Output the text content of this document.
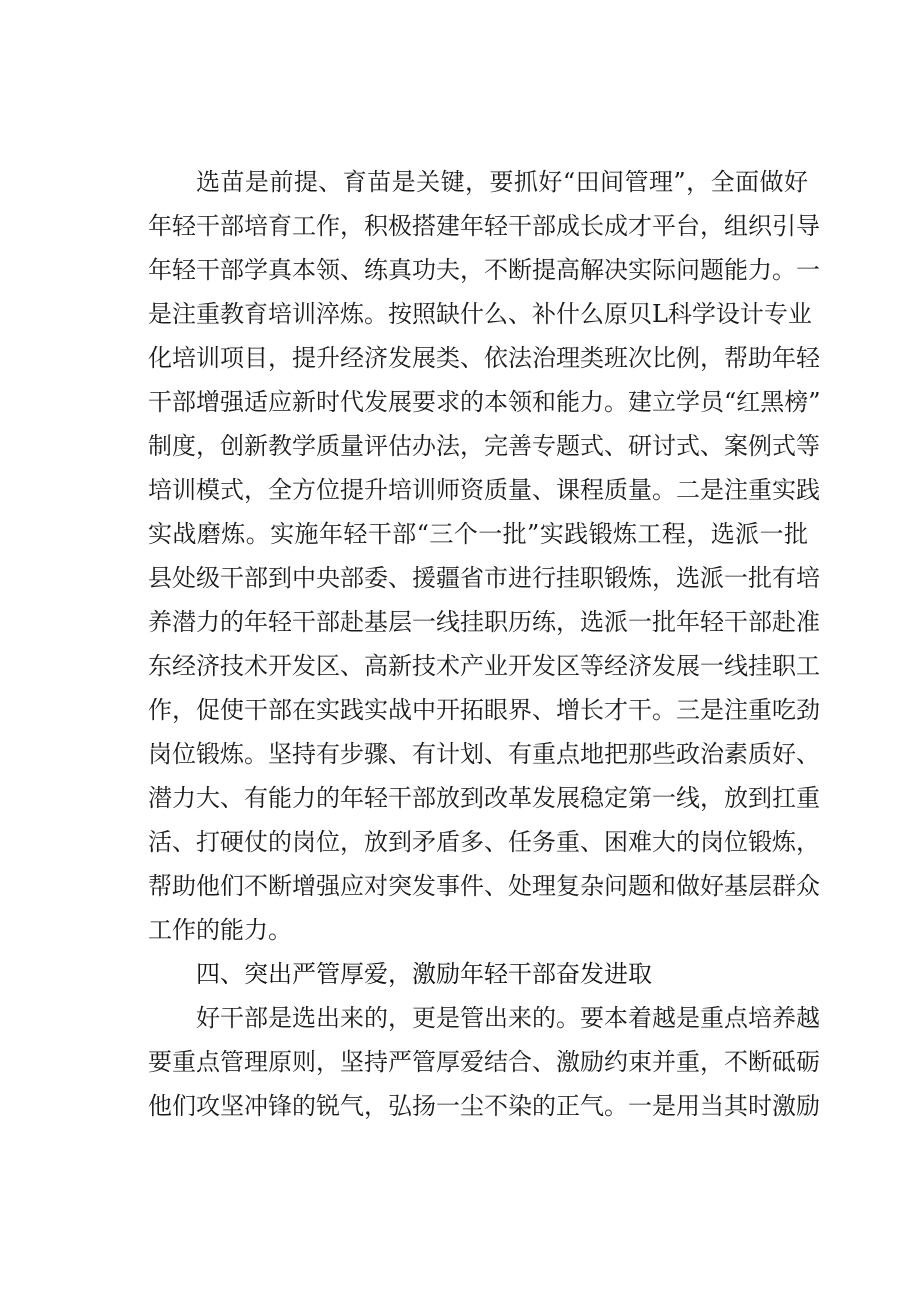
选苗是前提、育苗是关键，要抓好“田间管理”，全面做好
年轻干部培育工作，积极搭建年轻干部成长成才平台，组织引导
年轻干部学真本领、练真功夫，不断提高解决实际问题能力。一
是注重教育培训淬炼。按照缺什么、补什么原贝L科学设计专业
化培训项目，提升经济发展类、依法治理类班次比例，帮助年轻
干部增强适应新时代发展要求的本领和能力。建立学员“红黑榜”
制度，创新教学质量评估办法，完善专题式、研讨式、案例式等
培训模式，全方位提升培训师资质量、课程质量。二是注重实践
实战磨炼。实施年轻干部“三个一批”实践锻炼工程，选派一批
县处级干部到中央部委、援疆省市进行挂职锻炼，选派一批有培
养潜力的年轻干部赴基层一线挂职历练，选派一批年轻干部赴准
东经济技术开发区、高新技术产业开发区等经济发展一线挂职工
作，促使干部在实践实战中开拓眼界、增长才干。三是注重吃劲
岗位锻炼。坚持有步骤、有计划、有重点地把那些政治素质好、
潜力大、有能力的年轻干部放到改革发展稳定第一线，放到扛重
活、打硬仗的岗位，放到矛盾多、任务重、困难大的岗位锻炼，
帮助他们不断增强应对突发事件、处理复杂问题和做好基层群众
工作的能力。
四、突出严管厚爱，激励年轻干部奋发进取
好干部是选出来的，更是管出来的。要本着越是重点培养越
要重点管理原则，坚持严管厚爱结合、激励约束并重，不断砥砺
他们攻坚冲锋的锐气，弘扬一尘不染的正气。一是用当其时激励
